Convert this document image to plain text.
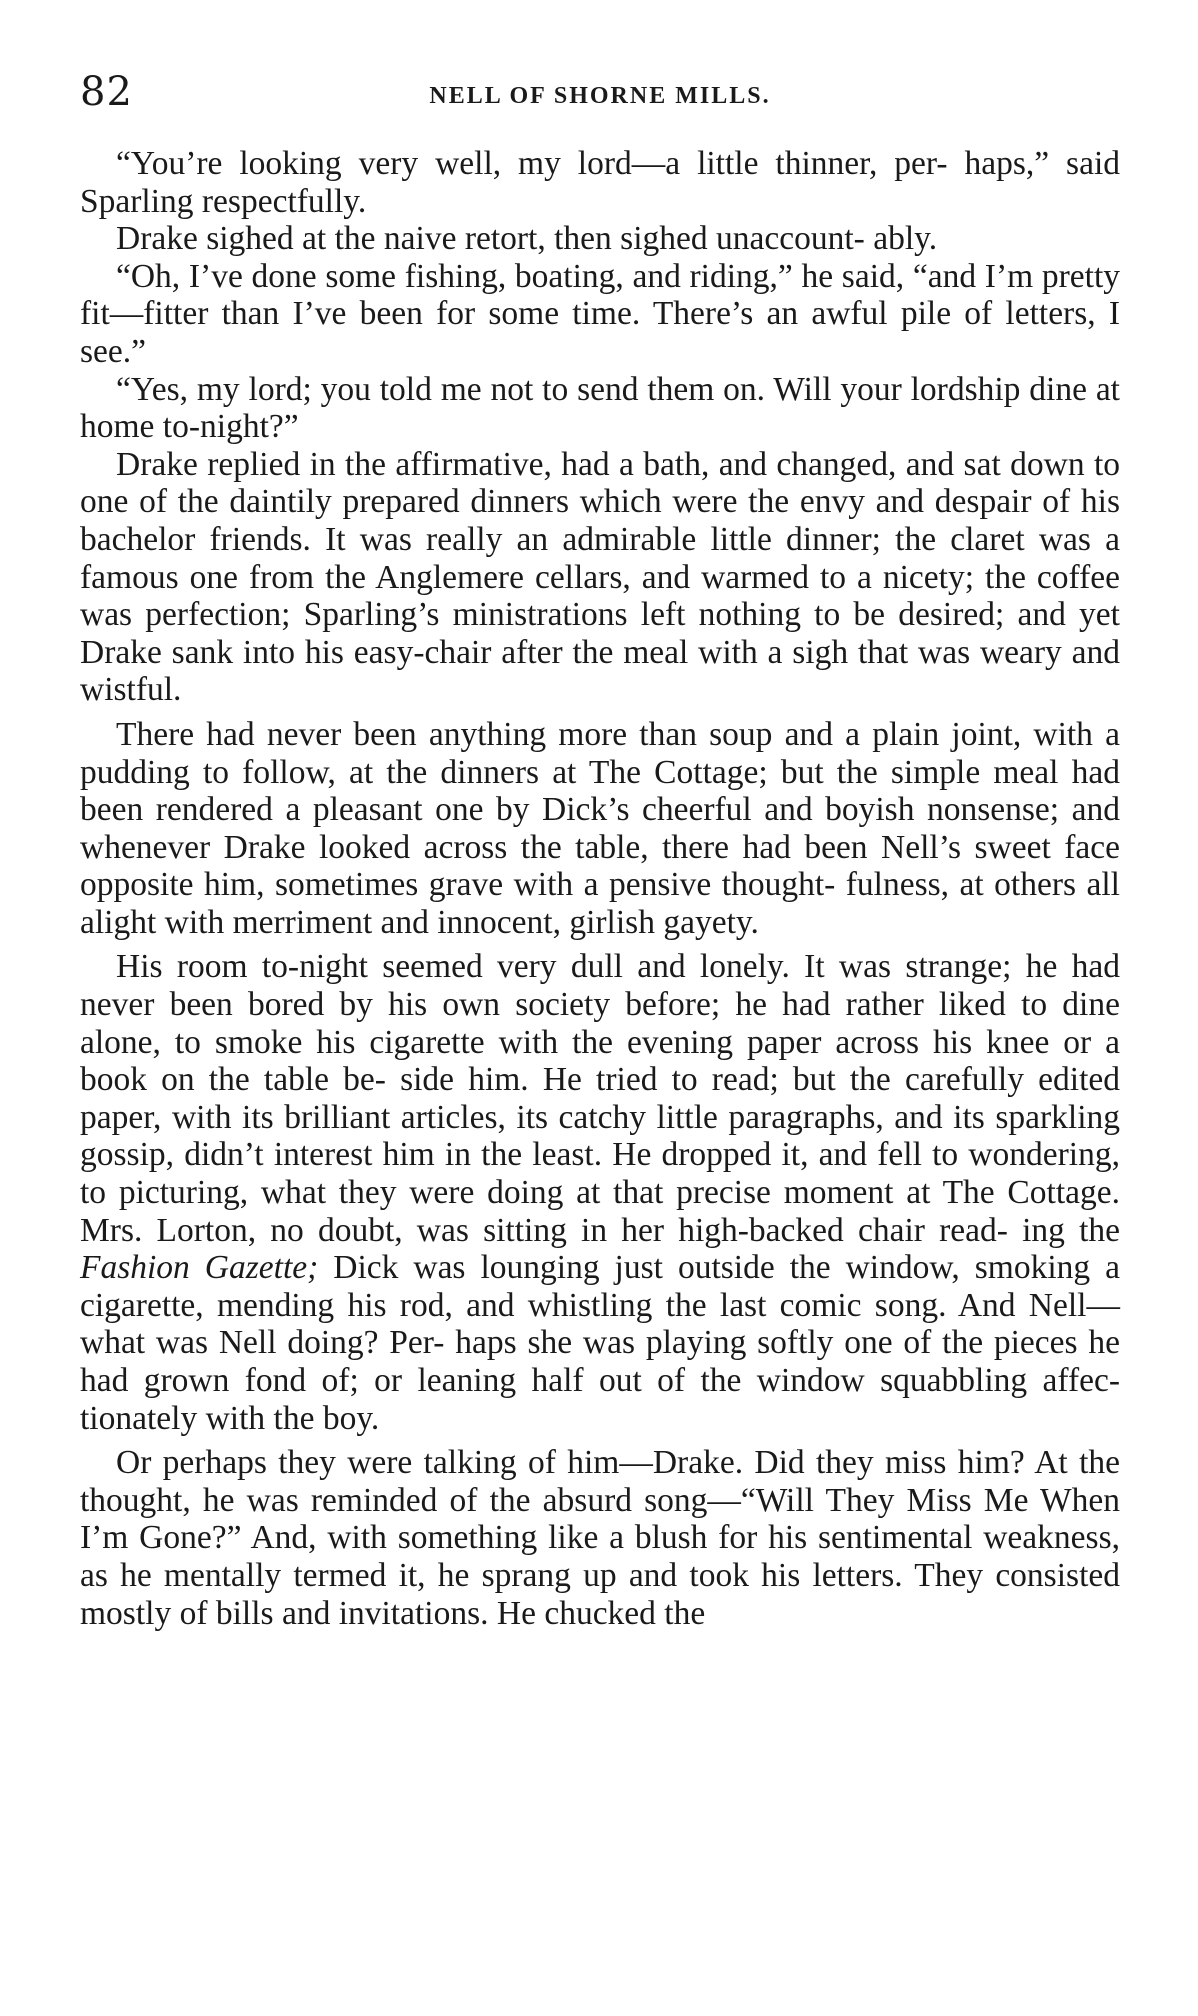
82	NELL OF SHORNE MILLS.

“You’re looking very well, my lord—a little thinner, per- haps,” said Sparling respectfully.

Drake sighed at the naive retort, then sighed unaccount- ably.

“Oh, I’ve done some fishing, boating, and riding,” he said, “and I’m pretty fit—fitter than I’ve been for some time. There’s an awful pile of letters, I see.”

“Yes, my lord; you told me not to send them on. Will your lordship dine at home to-night?”

Drake replied in the affirmative, had a bath, and changed, and sat down to one of the daintily prepared dinners which were the envy and despair of his bachelor friends. It was really an admirable little dinner; the claret was a famous one from the Anglemere cellars, and warmed to a nicety; the coffee was perfection; Sparling’s ministrations left nothing to be desired; and yet Drake sank into his easy-chair after the meal with a sigh that was weary and wistful.

There had never been anything more than soup and a plain joint, with a pudding to follow, at the dinners at The Cottage; but the simple meal had been rendered a pleasant one by Dick’s cheerful and boyish nonsense; and whenever Drake looked across the table, there had been Nell’s sweet face opposite him, sometimes grave with a pensive thought- fulness, at others all alight with merriment and innocent, girlish gayety.

His room to-night seemed very dull and lonely. It was strange; he had never been bored by his own society before; he had rather liked to dine alone, to smoke his cigarette with the evening paper across his knee or a book on the table be- side him. He tried to read; but the carefully edited paper, with its brilliant articles, its catchy little paragraphs, and its sparkling gossip, didn’t interest him in the least. He dropped it, and fell to wondering, to picturing, what they were doing at that precise moment at The Cottage. Mrs. Lorton, no doubt, was sitting in her high-backed chair read- ing the Fashion Gazette; Dick was lounging just outside the window, smoking a cigarette, mending his rod, and whistling the last comic song. And Nell—what was Nell doing? Per- haps she was playing softly one of the pieces he had grown fond of; or leaning half out of the window squabbling affec- tionately with the boy.

Or perhaps they were talking of him—Drake. Did they miss him? At the thought, he was reminded of the absurd song—“Will They Miss Me When I’m Gone?” And, with something like a blush for his sentimental weakness, as he mentally termed it, he sprang up and took his letters. They consisted mostly of bills and invitations. He chucked the
